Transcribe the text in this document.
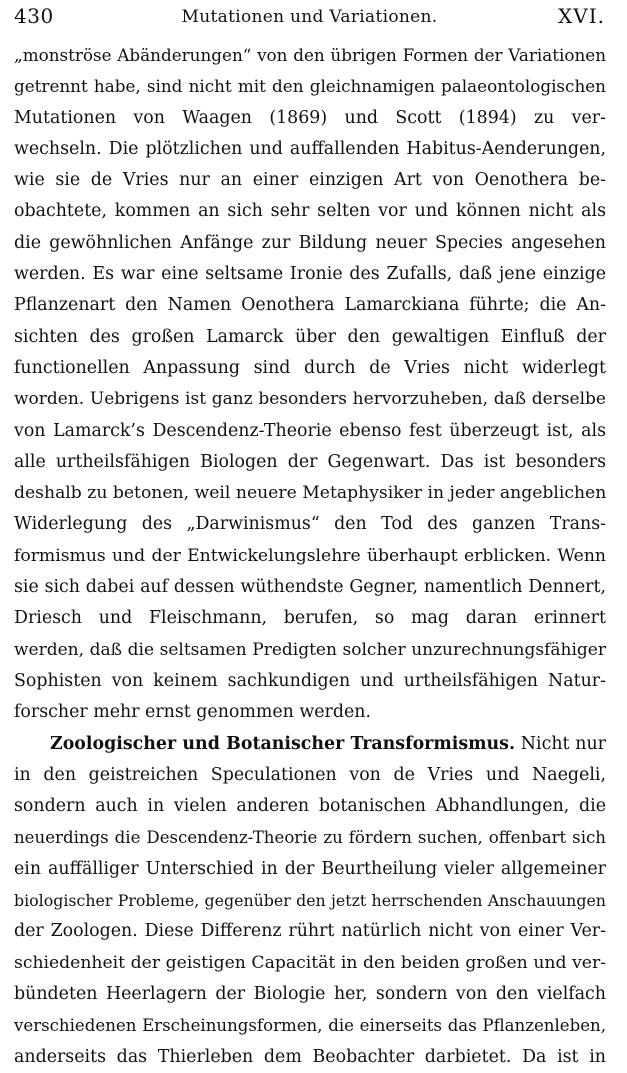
430	Mutationen und Variationen.	XVI.
„monströse Abänderungen“ von den übrigen Formen der Variationen
getrennt habe, sind nicht mit den gleichnamigen palaeontologischen
Mutationen von Waagen (1869) und Scott (1894) zu ver-
wechseln. Die plötzlichen und auffallenden Habitus-Aenderungen,
wie sie de Vries nur an einer einzigen Art von Oenothera be-
obachtete, kommen an sich sehr selten vor und können nicht als
die gewöhnlichen Anfänge zur Bildung neuer Species angesehen
werden. Es war eine seltsame Ironie des Zufalls, daß jene einzige
Pflanzenart den Namen Oenothera Lamarckiana führte; die An-
sichten des großen Lamarck über den gewaltigen Einfluß der
functionellen Anpassung sind durch de Vries nicht widerlegt
worden. Uebrigens ist ganz besonders hervorzuheben, daß derselbe
von Lamarck’s Descendenz-Theorie ebenso fest überzeugt ist, als
alle urtheilsfähigen Biologen der Gegenwart. Das ist besonders
deshalb zu betonen, weil neuere Metaphysiker in jeder angeblichen
Widerlegung des „Darwinismus“ den Tod des ganzen Trans-
formismus und der Entwickelungslehre überhaupt erblicken. Wenn
sie sich dabei auf dessen wüthendste Gegner, namentlich Dennert,
Driesch und Fleischmann, berufen, so mag daran erinnert
werden, daß die seltsamen Predigten solcher unzurechnungsfähiger
Sophisten von keinem sachkundigen und urtheilsfähigen Natur-
forscher mehr ernst genommen werden.
Zoologischer und Botanischer Transformismus. Nicht nur
in den geistreichen Speculationen von de Vries und Naegeli,
sondern auch in vielen anderen botanischen Abhandlungen, die
neuerdings die Descendenz-Theorie zu fördern suchen, offenbart sich
ein auffälliger Unterschied in der Beurtheilung vieler allgemeiner
biologischer Probleme, gegenüber den jetzt herrschenden Anschauungen
der Zoologen. Diese Differenz rührt natürlich nicht von einer Ver-
schiedenheit der geistigen Capacität in den beiden großen und ver-
bündeten Heerlagern der Biologie her, sondern von den vielfach
verschiedenen Erscheinungsformen, die einerseits das Pflanzenleben,
anderseits das Thierleben dem Beobachter darbietet. Da ist in
